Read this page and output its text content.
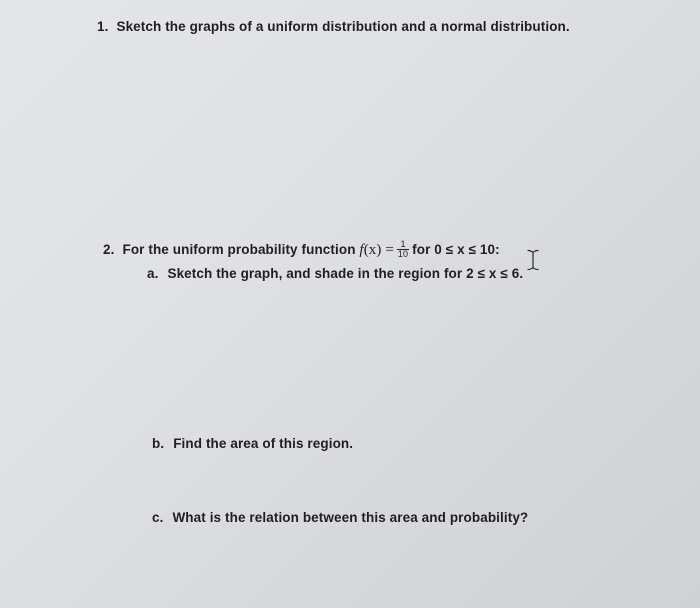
1. Sketch the graphs of a uniform distribution and a normal distribution.
2. For the uniform probability function $f(x) = \frac{1}{10}$ for 0 ≤ x ≤ 10:
a. Sketch the graph, and shade in the region for 2 ≤ x ≤ 6.
b. Find the area of this region.
c. What is the relation between this area and probability?
